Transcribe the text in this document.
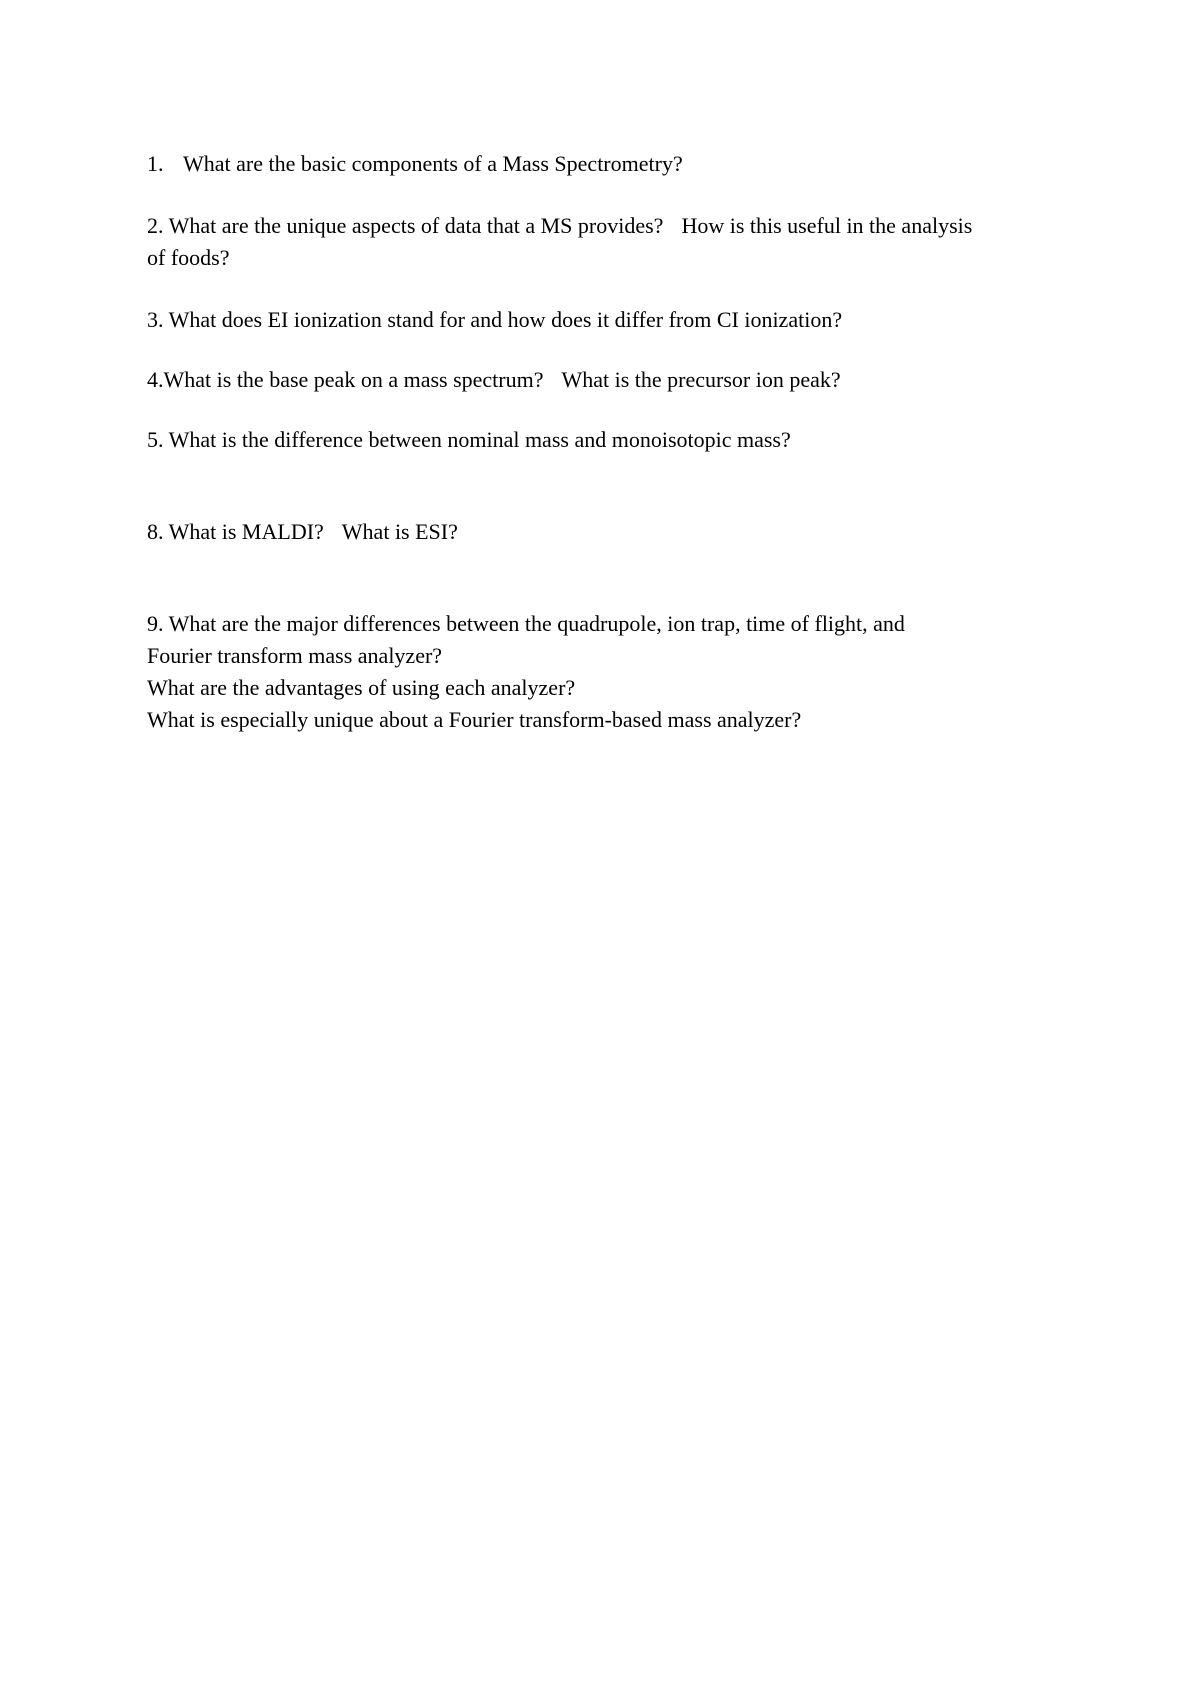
1. What are the basic components of a Mass Spectrometry?

2. What are the unique aspects of data that a MS provides? How is this useful in the analysis
of foods?

3. What does EI ionization stand for and how does it differ from CI ionization?

4.What is the base peak on a mass spectrum? What is the precursor ion peak?

5. What is the difference between nominal mass and monoisotopic mass?

8. What is MALDI? What is ESI?

9. What are the major differences between the quadrupole, ion trap, time of flight, and
Fourier transform mass analyzer?
What are the advantages of using each analyzer?
What is especially unique about a Fourier transform-based mass analyzer?
